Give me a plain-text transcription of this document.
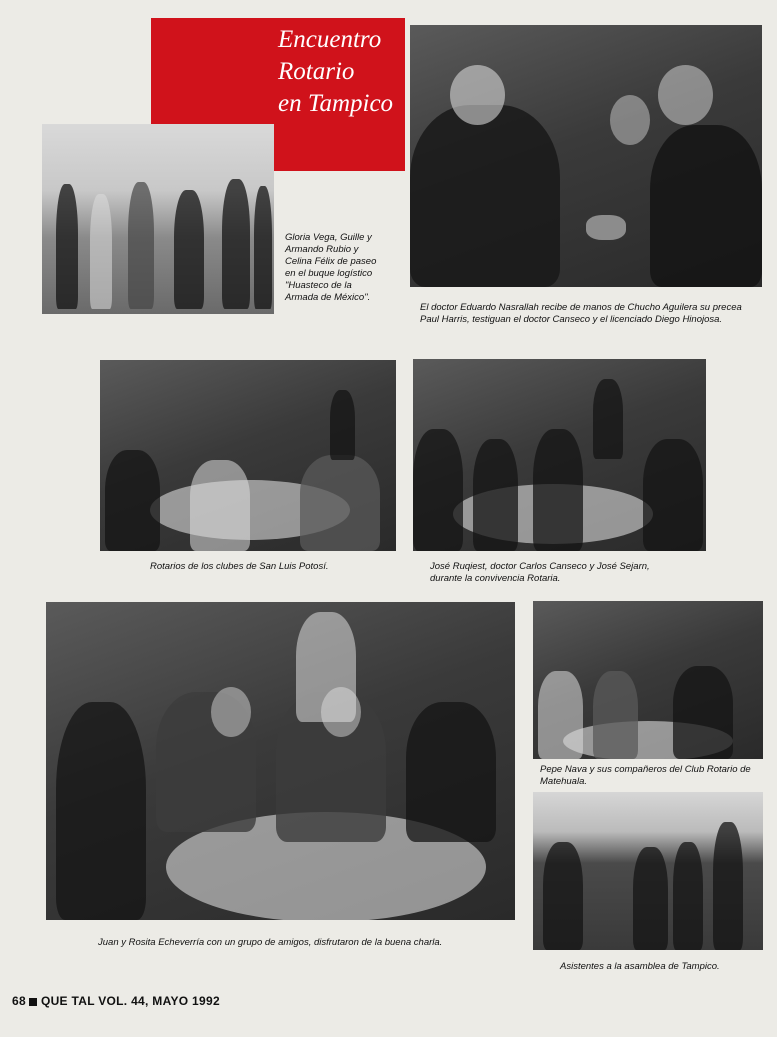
Encuentro
Rotario
en Tampico
Gloria Vega, Guille y Armando Rubio y Celina Félix de paseo en el buque logístico "Huasteco de la Armada de México".
El doctor Eduardo Nasrallah recibe de manos de Chucho Aguilera su precea Paul Harris, testiguan el doctor Canseco y el licenciado Diego Hinojosa.
Rotarios de los clubes de San Luis Potosí.	José Ruqiest, doctor Carlos Canseco y José Sejarn, durante la convivencia Rotaria.
Juan y Rosita Echeverría con un grupo de amigos, disfrutaron de la buena charla.
Pepe Nava y sus compañeros del Club Rotario de Matehuala.
Asistentes a la asamblea de Tampico.
68 QUE TAL VOL. 44, MAYO 1992
